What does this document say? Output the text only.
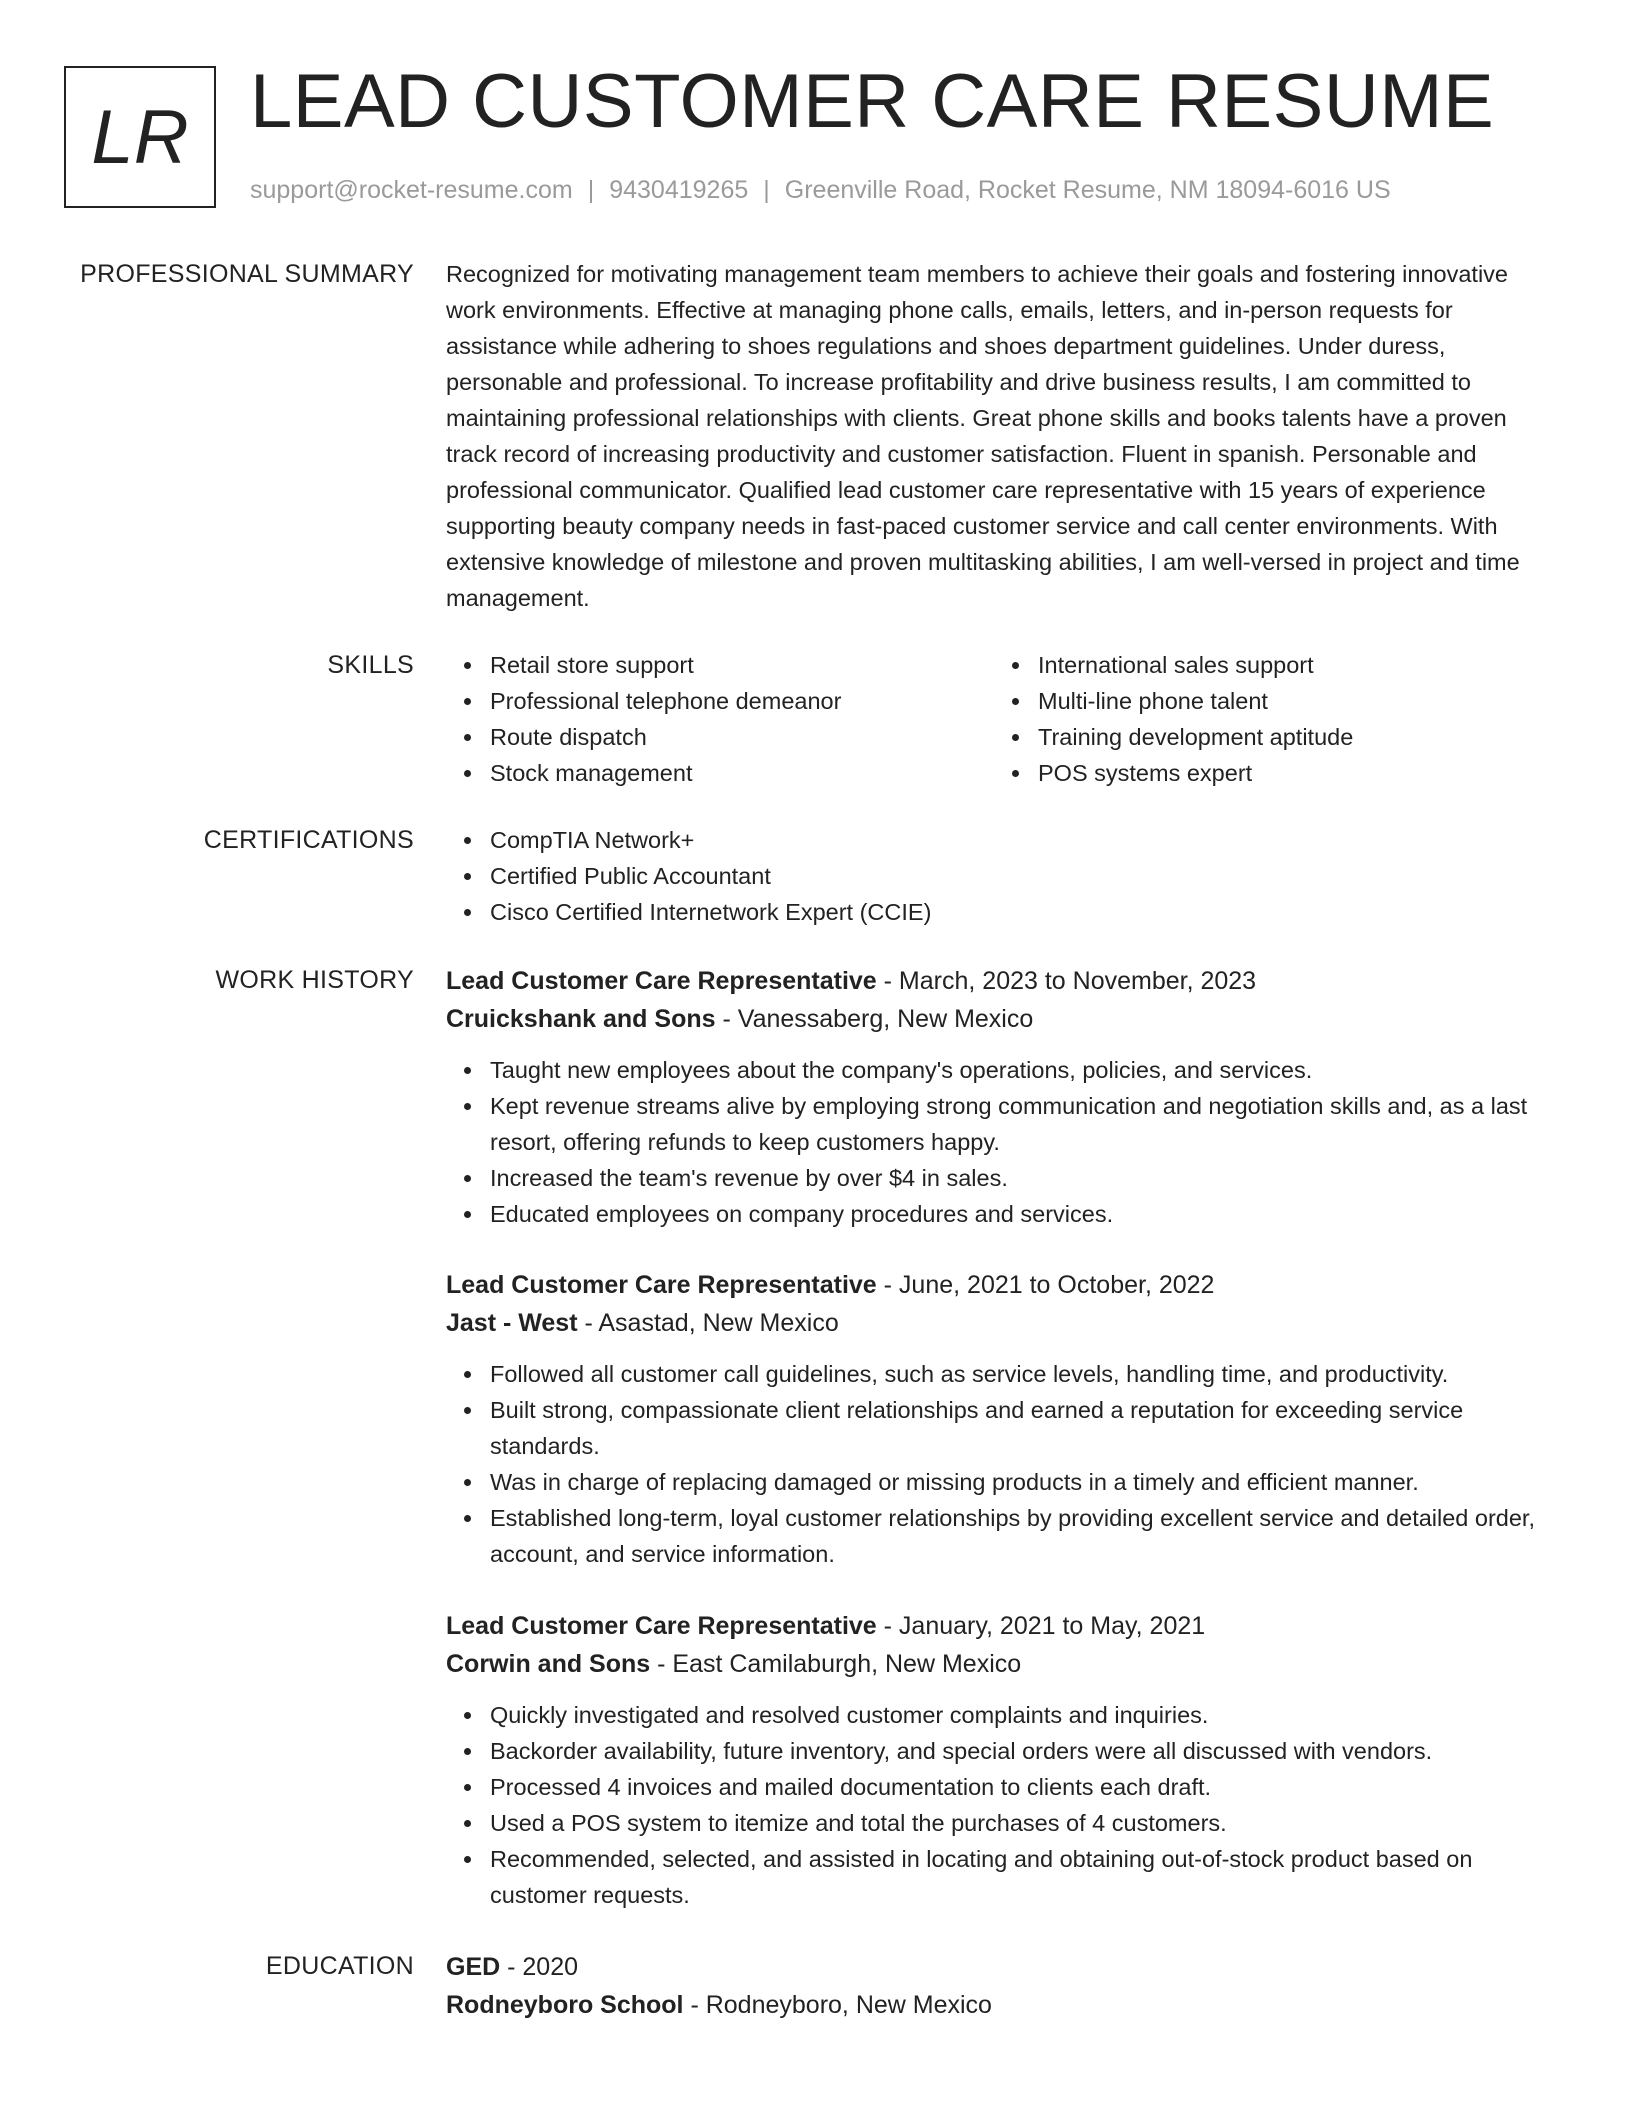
LR LEAD CUSTOMER CARE RESUME
support@rocket-resume.com | 9430419265 | Greenville Road, Rocket Resume, NM 18094-6016 US
PROFESSIONAL SUMMARY Recognized for motivating management team members to achieve their goals and fostering innovative work environments. Effective at managing phone calls, emails, letters, and in-person requests for assistance while adhering to shoes regulations and shoes department guidelines. Under duress, personable and professional. To increase profitability and drive business results, I am committed to maintaining professional relationships with clients. Great phone skills and books talents have a proven track record of increasing productivity and customer satisfaction. Fluent in spanish. Personable and professional communicator. Qualified lead customer care representative with 15 years of experience supporting beauty company needs in fast-paced customer service and call center environments. With extensive knowledge of milestone and proven multitasking abilities, I am well-versed in project and time management.

SKILLS	Retail store support
Professional telephone demeanor
Route dispatch
Stock management
International sales support
Multi-line phone talent
Training development aptitude
POS systems expert
CERTIFICATIONS	CompTIA Network+
Certified Public Accountant
Cisco Certified Internetwork Expert (CCIE)
WORK HISTORY Lead Customer Care Representative - March, 2023 to November, 2023
Cruickshank and Sons - Vanessaberg, New Mexico
Taught new employees about the company's operations, policies, and services.
Kept revenue streams alive by employing strong communication and negotiation skills and, as a last resort, offering refunds to keep customers happy.
Increased the team's revenue by over $4 in sales.
Educated employees on company procedures and services.
Lead Customer Care Representative - June, 2021 to October, 2022
Jast - West - Asastad, New Mexico
Followed all customer call guidelines, such as service levels, handling time, and productivity.
Built strong, compassionate client relationships and earned a reputation for exceeding service standards.
Was in charge of replacing damaged or missing products in a timely and efficient manner.
Established long-term, loyal customer relationships by providing excellent service and detailed order, account, and service information.
Lead Customer Care Representative - January, 2021 to May, 2021
Corwin and Sons - East Camilaburgh, New Mexico
Quickly investigated and resolved customer complaints and inquiries.
Backorder availability, future inventory, and special orders were all discussed with vendors.
Processed 4 invoices and mailed documentation to clients each draft.
Used a POS system to itemize and total the purchases of 4 customers.
Recommended, selected, and assisted in locating and obtaining out-of-stock product based on customer requests.
EDUCATION GED - 2020
Rodneyboro School - Rodneyboro, New Mexico
